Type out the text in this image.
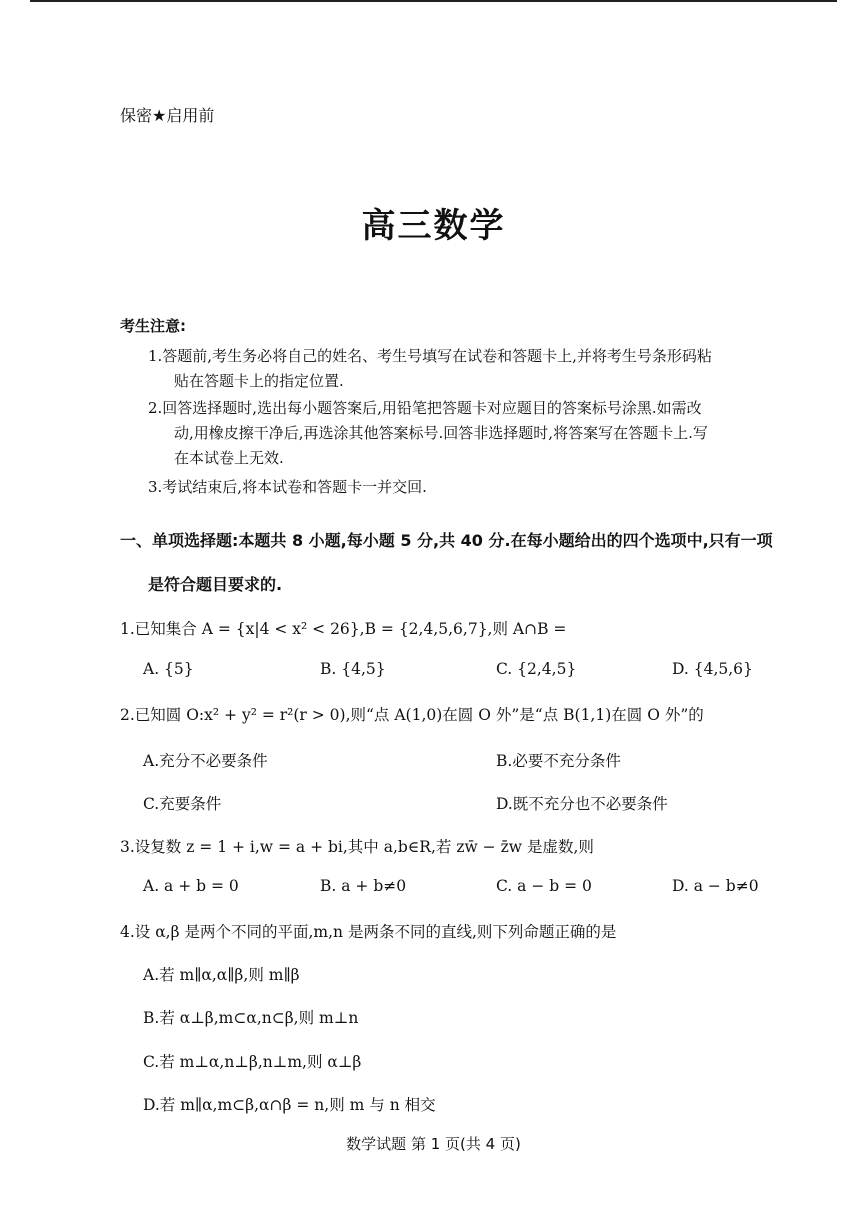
保密★启用前
高三数学
考生注意:
1.答题前,考生务必将自己的姓名、考生号填写在试卷和答题卡上,并将考生号条形码粘
贴在答题卡上的指定位置.
2.回答选择题时,选出每小题答案后,用铅笔把答题卡对应题目的答案标号涂黑.如需改
动,用橡皮擦干净后,再选涂其他答案标号.回答非选择题时,将答案写在答题卡上.写
在本试卷上无效.
3.考试结束后,将本试卷和答题卡一并交回.
一、单项选择题:本题共 8 小题,每小题 5 分,共 40 分.在每小题给出的四个选项中,只有一项
是符合题目要求的.
1.已知集合 A = {x|4 < x² < 26},B = {2,4,5,6,7},则 A∩B =
A. {5}	B. {4,5}	C. {2,4,5}	D. {4,5,6}
2.已知圆 O:x² + y² = r²(r > 0),则“点 A(1,0)在圆 O 外”是“点 B(1,1)在圆 O 外”的
A.充分不必要条件	B.必要不充分条件
C.充要条件	D.既不充分也不必要条件
3.设复数 z = 1 + i,w = a + bi,其中 a,b∈R,若 zw̄ − z̄w 是虚数,则
A. a + b = 0	B. a + b≠0	C. a − b = 0	D. a − b≠0
4.设 α,β 是两个不同的平面,m,n 是两条不同的直线,则下列命题正确的是
A.若 m∥α,α∥β,则 m∥β
B.若 α⊥β,m⊂α,n⊂β,则 m⊥n
C.若 m⊥α,n⊥β,n⊥m,则 α⊥β
D.若 m∥α,m⊂β,α∩β = n,则 m 与 n 相交
数学试题 第 1 页(共 4 页)
